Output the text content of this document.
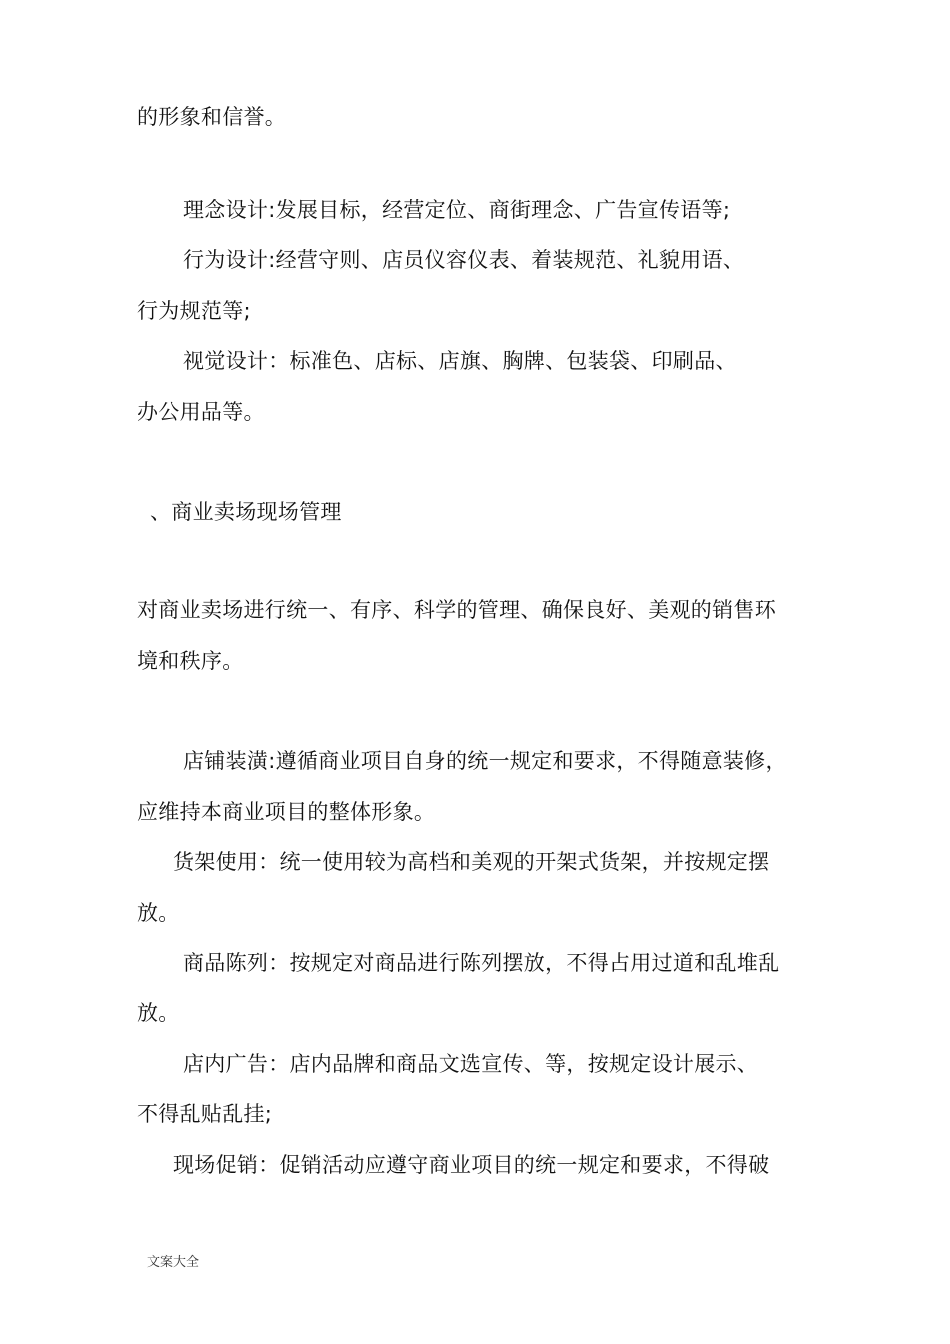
的形象和信誉。
理念设计:发展目标，经营定位、商街理念、广告宣传语等;
行为设计:经营守则、店员仪容仪表、着装规范、礼貌用语、
行为规范等;
视觉设计：标准色、店标、店旗、胸牌、包装袋、印刷品、
办公用品等。
、商业卖场现场管理
对商业卖场进行统一、有序、科学的管理、确保良好、美观的销售环
境和秩序。
店铺装潢:遵循商业项目自身的统一规定和要求，不得随意装修，
应维持本商业项目的整体形象。
货架使用：统一使用较为高档和美观的开架式货架，并按规定摆
放。
商品陈列：按规定对商品进行陈列摆放，不得占用过道和乱堆乱
放。
店内广告：店内品牌和商品文选宣传、等，按规定设计展示、
不得乱贴乱挂;
现场促销：促销活动应遵守商业项目的统一规定和要求，不得破
文案大全
